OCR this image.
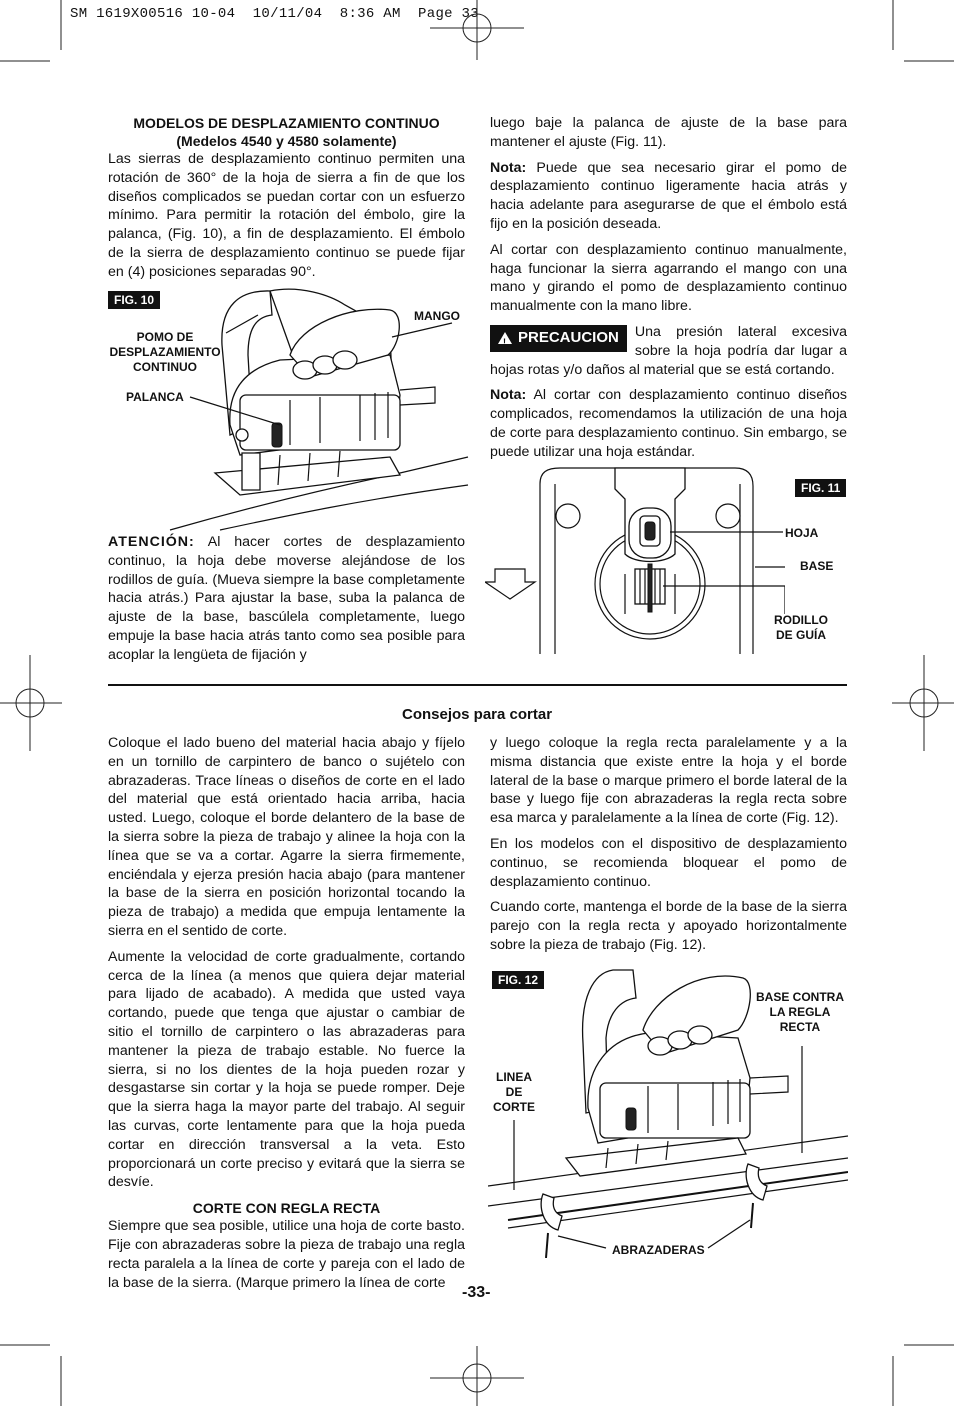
SM 1619X00516 10-04  10/11/04  8:36 AM  Page 33

MODELOS DE DESPLAZAMIENTO CONTINUO

(Medelos 4540 y 4580 solamente)

Las sierras de desplazamiento continuo permiten una rotación de 360° de la hoja de sierra a fin de que los diseños complicados se puedan cortar con un esfuerzo mínimo. Para permitir la rotación del émbolo, gire la palanca, (Fig. 10), a fin de desplazamiento. El émbolo de la sierra de desplazamiento continuo se puede fijar en (4) posiciones separadas 90°.

FIG. 10
MANGO
POMO DE DESPLAZAMIENTO CONTINUO
PALANCA

ATENCIÓN: Al hacer cortes de desplazamiento continuo, la hoja debe moverse alejándose de los rodillos de guía. (Mueva siempre la base completamente hacia atrás.) Para ajustar la base, suba la palanca de ajuste de la base, bascúlela completamente, luego empuje la base hacia atrás tanto como sea posible para acoplar la lengüeta de fijación y

luego baje la palanca de ajuste de la base para mantener el ajuste (Fig. 11).

Nota: Puede que sea necesario girar el pomo de desplazamiento continuo ligeramente hacia atrás y hacia adelante para asegurarse de que el émbolo está fijo en la posición deseada.

Al cortar con desplazamiento continuo manualmente, haga funcionar la sierra agarrando el mango con una mano y girando el pomo de desplazamiento continuo manualmente con la mano libre.

! PRECAUCION Una presión lateral excesiva sobre la hoja podría dar lugar a hojas rotas y/o daños al material que se está cortando.

Nota: Al cortar con desplazamiento continuo diseños complicados, recomendamos la utilización de una hoja de corte para desplazamiento continuo. Sin embargo, se puede utilizar una hoja estándar.

FIG. 11
HOJA
BASE
RODILLO DE GUÍA
Consejos para cortar

Coloque el lado bueno del material hacia abajo y fíjelo en un tornillo de carpintero de banco o sujételo con abrazaderas. Trace líneas o diseños de corte en el lado del material que está orientado hacia arriba, hacia usted. Luego, coloque el borde delantero de la base de la sierra sobre la pieza de trabajo y alinee la hoja con la línea que se va a cortar. Agarre la sierra firmemente, enciéndala y ejerza presión hacia abajo (para mantener la base de la sierra en posición horizontal tocando la pieza de trabajo) a medida que empuja lentamente la sierra en el sentido de corte.

Aumente la velocidad de corte gradualmente, cortando cerca de la línea (a menos que quiera dejar material para lijado de acabado). A medida que usted vaya cortando, puede que tenga que ajustar o cambiar de sitio el tornillo de carpintero o las abrazaderas para mantener la pieza de trabajo estable. No fuerce la sierra, si no los dientes de la hoja pueden rozar y desgastarse sin cortar y la hoja se puede romper. Deje que la sierra haga la mayor parte del trabajo. Al seguir las curvas, corte lentamente para que la hoja pueda cortar en dirección transversal a la veta. Esto proporcionará un corte preciso y evitará que la sierra se desvíe.

CORTE CON REGLA RECTA

Siempre que sea posible, utilice una hoja de corte basto. Fije con abrazaderas sobre la pieza de trabajo una regla recta paralela a la línea de corte y pareja con el lado de la base de la sierra. (Marque primero la línea de corte

y luego coloque la regla recta paralelamente y a la misma distancia que existe entre la hoja y el borde lateral de la base o marque primero el borde lateral de la base y luego fije con abrazaderas la regla recta sobre esa marca y paralelamente a la línea de corte (Fig. 12).

En los modelos con el dispositivo de desplazamiento continuo, se recomienda bloquear el pomo de desplazamiento continuo.

Cuando corte, mantenga el borde de la base de la sierra parejo con la regla recta y apoyado horizontalmente sobre la pieza de trabajo (Fig. 12).

FIG. 12
BASE CONTRA LA REGLA RECTA
LINEA DE CORTE
ABRAZADERAS
-33-
